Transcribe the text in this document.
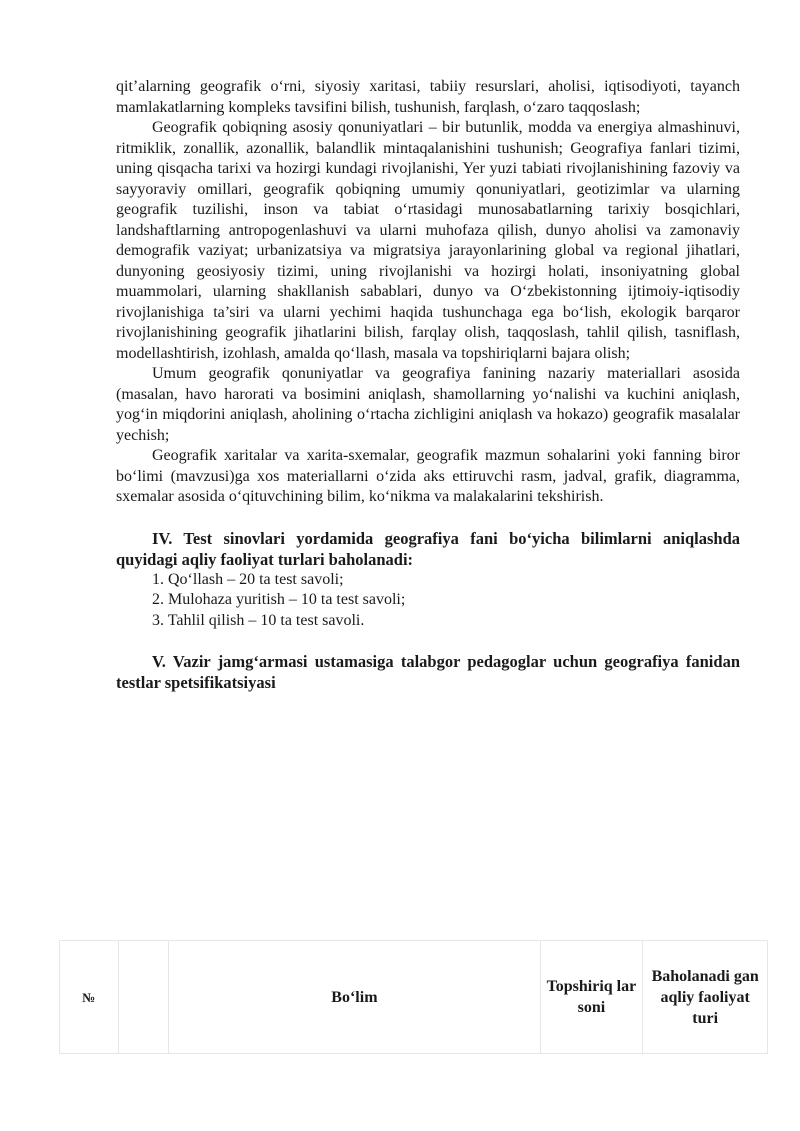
qit’alarning geografik o‘rni, siyosiy xaritasi, tabiiy resurslari, aholisi, iqtisodiyoti, tayanch mamlakatlarning kompleks tavsifini bilish, tushunish, farqlash, o‘zaro taqqoslash;

Geografik qobiqning asosiy qonuniyatlari – bir butunlik, modda va energiya almashinuvi, ritmiklik, zonallik, azonallik, balandlik mintaqalanishini tushunish; Geografiya fanlari tizimi, uning qisqacha tarixi va hozirgi kundagi rivojlanishi, Yer yuzi tabiati rivojlanishining fazoviy va sayyoraviy omillari, geografik qobiqning umumiy qonuniyatlari, geotizimlar va ularning geografik tuzilishi, inson va tabiat o‘rtasidagi munosabatlarning tarixiy bosqichlari, landshaftlarning antropogenlashuvi va ularni muhofaza qilish, dunyo aholisi va zamonaviy demografik vaziyat; urbanizatsiya va migratsiya jarayonlarining global va regional jihatlari, dunyoning geosiyosiy tizimi, uning rivojlanishi va hozirgi holati, insoniyatning global muammolari, ularning shakllanish sabablari, dunyo va O‘zbekistonning ijtimoiy-iqtisodiy rivojlanishiga ta’siri va ularni yechimi haqida tushunchaga ega bo‘lish, ekologik barqaror rivojlanishining geografik jihatlarini bilish, farqlay olish, taqqoslash, tahlil qilish, tasniflash, modellashtirish, izohlash, amalda qo‘llash, masala va topshiriqlarni bajara olish;

Umum geografik qonuniyatlar va geografiya fanining nazariy materiallari asosida (masalan, havo harorati va bosimini aniqlash, shamollarning yo‘nalishi va kuchini aniqlash, yog‘in miqdorini aniqlash, aholining o‘rtacha zichligini aniqlash va hokazo) geografik masalalar yechish;

Geografik xaritalar va xarita-sxemalar, geografik mazmun sohalarini yoki fanning biror bo‘limi (mavzusi)ga xos materiallarni o‘zida aks ettiruvchi rasm, jadval, grafik, diagramma, sxemalar asosida o‘qituvchining bilim, ko‘nikma va malakalarini tekshirish.

IV. Test sinovlari yordamida geografiya fani bo‘yicha bilimlarni aniqlashda quyidagi aqliy faoliyat turlari baholanadi:

1. Qo‘llash – 20 ta test savoli;

2. Mulohaza yuritish – 10 ta test savoli;

3. Tahlil qilish – 10 ta test savoli.

V. Vazir jamg‘armasi ustamasiga talabgor pedagoglar uchun geografiya fanidan testlar spetsifikatsiyasi

№		Bo‘lim	Topshiriq lar soni	Baholanadi gan aqliy faoliyat turi
